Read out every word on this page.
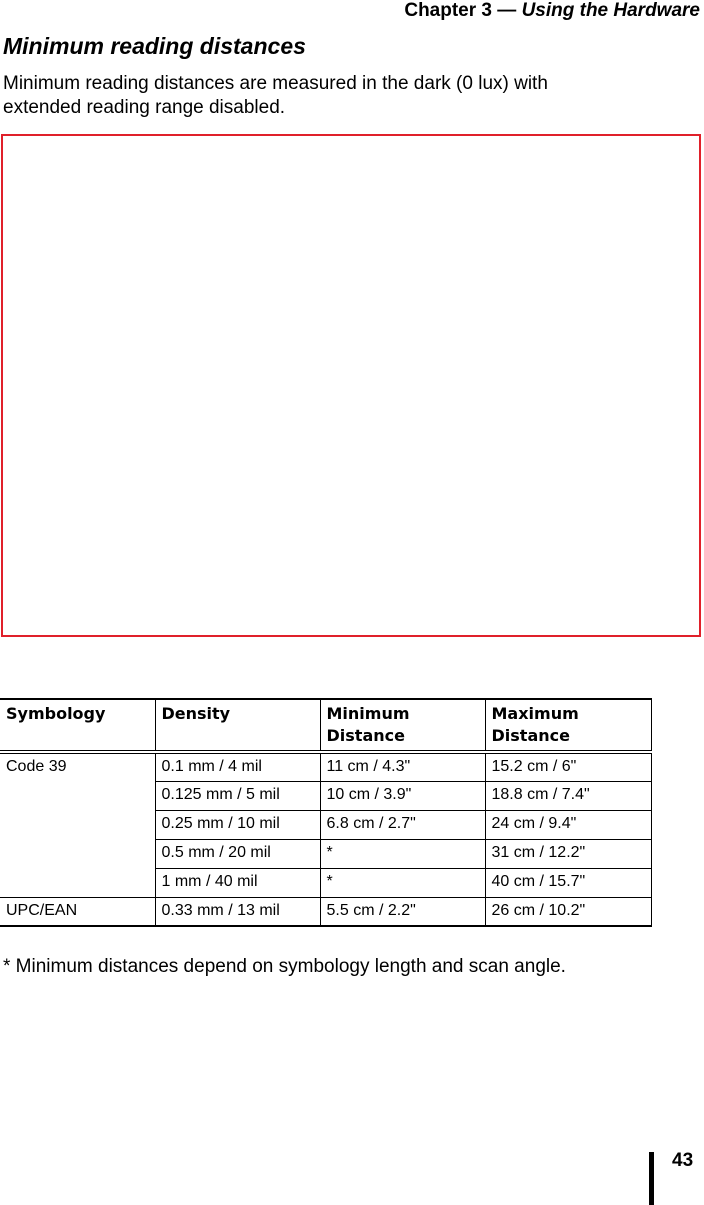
Chapter 3 — Using the Hardware
Minimum reading distances

Minimum reading distances are measured in the dark (0 lux) with extended reading range disabled.

Symbology	Density	Minimum Distance	Maximum Distance
Code 39	0.1 mm / 4 mil	11 cm / 4.3"	15.2 cm / 6"
	0.125 mm / 5 mil	10 cm / 3.9"	18.8 cm / 7.4"
	0.25 mm / 10 mil	6.8 cm / 2.7"	24 cm / 9.4"
	0.5 mm / 20 mil	*	31 cm / 12.2"
	1 mm / 40 mil	*	40 cm / 15.7"
UPC/EAN	0.33 mm / 13 mil	5.5 cm / 2.2"	26 cm / 10.2"

* Minimum distances depend on symbology length and scan angle.

43
